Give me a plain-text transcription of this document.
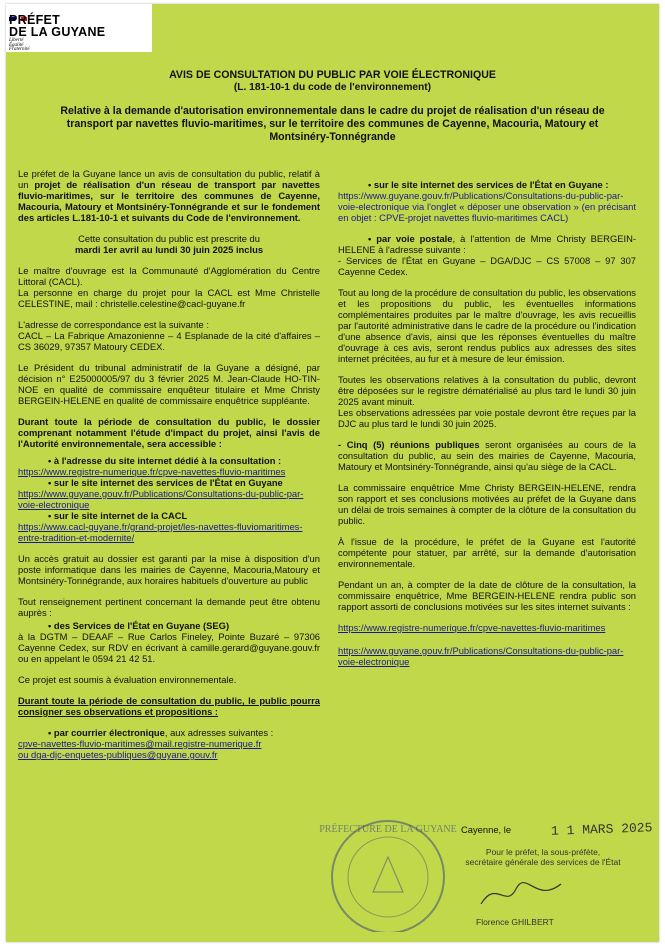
PRÉFET
DE LA GUYANE
Liberté
Égalité
Fraternité
AVIS DE CONSULTATION DU PUBLIC PAR VOIE ÉLECTRONIQUE
(L. 181-10-1 du code de l'environnement)
Relative à la demande d'autorisation environnementale dans le cadre du projet de réalisation d'un réseau de transport par navettes fluvio-maritimes, sur le territoire des communes de Cayenne, Macouria, Matoury et Montsinéry-Tonnégrande

Le préfet de la Guyane lance un avis de consultation du public, relatif à un projet de réalisation d'un réseau de transport par navettes fluvio-maritimes, sur le territoire des communes de Cayenne, Macouria, Matoury et Montsinéry-Tonnégrande et sur le fondement des articles L.181-10-1 et suivants du Code de l'environnement.

Cette consultation du public est prescrite du
mardi 1er avril au lundi 30 juin 2025 inclus

Le maître d'ouvrage est la Communauté d'Agglomération du Centre Littoral (CACL).
La personne en charge du projet pour la CACL est Mme Christelle CELESTINE, mail : christelle.celestine@cacl-guyane.fr

L'adresse de correspondance est la suivante :
CACL – La Fabrique Amazonienne – 4 Esplanade de la cité d'affaires – CS 36029, 97357 Matoury CEDEX.

Le Président du tribunal administratif de la Guyane a désigné, par décision n° E25000005/97 du 3 février 2025 M. Jean-Claude HO-TIN-NOE en qualité de commissaire enquêteur titulaire et Mme Christy BERGEIN-HELENE en qualité de commissaire enquêtrice suppléante.

Durant toute la période de consultation du public, le dossier comprenant notamment l'étude d'impact du projet, ainsi l'avis de l'Autorité environnementale, sera accessible :

• à l'adresse du site internet dédié à la consultation :
https://www.registre-numerique.fr/cpve-navettes-fluvio-maritimes
• sur le site internet des services de l'État en Guyane
https://www.guyane.gouv.fr/Publications/Consultations-du-public-par-voie-electronique
• sur le site internet de la CACL
https://www.cacl-guyane.fr/grand-projet/les-navettes-fluviomaritimes-entre-tradition-et-modernite/

Un accès gratuit au dossier est garanti par la mise à disposition d'un poste informatique dans les mairies de Cayenne, Macouria,Matoury et Montsinéry-Tonnégrande, aux horaires habituels d'ouverture au public

Tout renseignement pertinent concernant la demande peut être obtenu auprès :

• des Services de l'État en Guyane (SEG)

à la DGTM – DEAAF – Rue Carlos Fineley, Pointe Buzaré – 97306 Cayenne Cedex, sur RDV en écrivant à camille.gerard@guyane.gouv.fr ou en appelant le 0594 21 42 51.

Ce projet est soumis à évaluation environnementale.

Durant toute la période de consultation du public, le public pourra consigner ses observations et propositions :

• par courrier électronique, aux adresses suivantes :

cpve-navettes-fluvio-maritimes@mail.registre-numerique.fr
ou dga-djc-enquetes-publiques@guyane.gouv.fr
• sur le site internet des services de l'État en Guyane :

https://www.guyane.gouv.fr/Publications/Consultations-du-public-par-voie-electronique via l'onglet « déposer une observation » (en précisant en objet : CPVE-projet navettes fluvio-maritimes CACL)

• par voie postale, à l'attention de Mme Christy BERGEIN-HELENE à l'adresse suivante :
- Services de l'État en Guyane – DGA/DJC – CS 57008 – 97 307 Cayenne Cedex.

Tout au long de la procédure de consultation du public, les observations et les propositions du public, les éventuelles informations complémentaires produites par le maître d'ouvrage, les avis recueillis par l'autorité administrative dans le cadre de la procédure ou l'indication d'une absence d'avis, ainsi que les réponses éventuelles du maître d'ouvrage à ces avis, seront rendus publics aux adresses des sites internet précitées, au fur et à mesure de leur émission.

Toutes les observations relatives à la consultation du public, devront être déposées sur le registre dématérialisé au plus tard le lundi 30 juin 2025 avant minuit.

Les observations adressées par voie postale devront être reçues par la DJC au plus tard le lundi 30 juin 2025.

- Cinq (5) réunions publiques seront organisées au cours de la consultation du public, au sein des mairies de Cayenne, Macouria, Matoury et Montsinéry-Tonnégrande, ainsi qu'au siège de la CACL.

La commissaire enquêtrice Mme Christy BERGEIN-HELENE, rendra son rapport et ses conclusions motivées au préfet de la Guyane dans un délai de trois semaines à compter de la clôture de la consultation du public.

À l'issue de la procédure, le préfet de la Guyane est l'autorité compétente pour statuer, par arrêté, sur la demande d'autorisation environnementale.

Pendant un an, à compter de la date de clôture de la consultation, la commissaire enquêtrice, Mme BERGEIN-HELENE rendra public son rapport assorti de conclusions motivées sur les sites internet suivants :

https://www.registre-numerique.fr/cpve-navettes-fluvio-maritimes
https://www.guyane.gouv.fr/Publications/Consultations-du-public-par-voie-electronique
PRÉFECTURE DE LA GUYANE Cayenne, le	1 1 MARS 2025
Pour le préfet, la sous-préfète,
secrétaire générale des services de l'État
Florence GHILBERT
